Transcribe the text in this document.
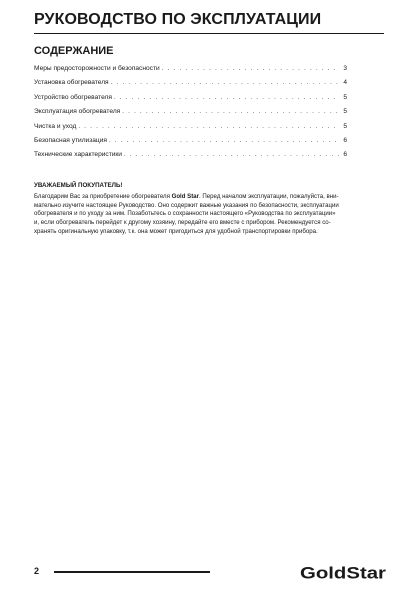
РУКОВОДСТВО ПО ЭКСПЛУАТАЦИИ
СОДЕРЖАНИЕ
Меры предосторожности и безопасности . . .	3
Установка обогревателя . . .	4
Устройство обогревателя . . .	5
Эксплуатация обогревателя . . .	5
Чистка и уход . . .	5
Безопасная утилизация . . .	6
Технические характеристики . . .	6
УВАЖАЕМЫЙ ПОКУПАТЕЛЬ!

Благодарим Вас за приобретение обогревателя Gold Star. Перед началом эксплуатации, пожалуйста, вни-
мательно изучите настоящее Руководство. Оно содержит важные указания по безопасности, эксплуатации
обогревателя и по уходу за ним. Позаботьтесь о сохранности настоящего «Руководства по эксплуатации»
и, если обогреватель перейдет к другому хозяину, передайте его вместе с прибором. Рекомендуется со-
хранять оригинальную упаковку, т.к. она может пригодиться для удобной транспортировки прибора.

2	GoldStar
